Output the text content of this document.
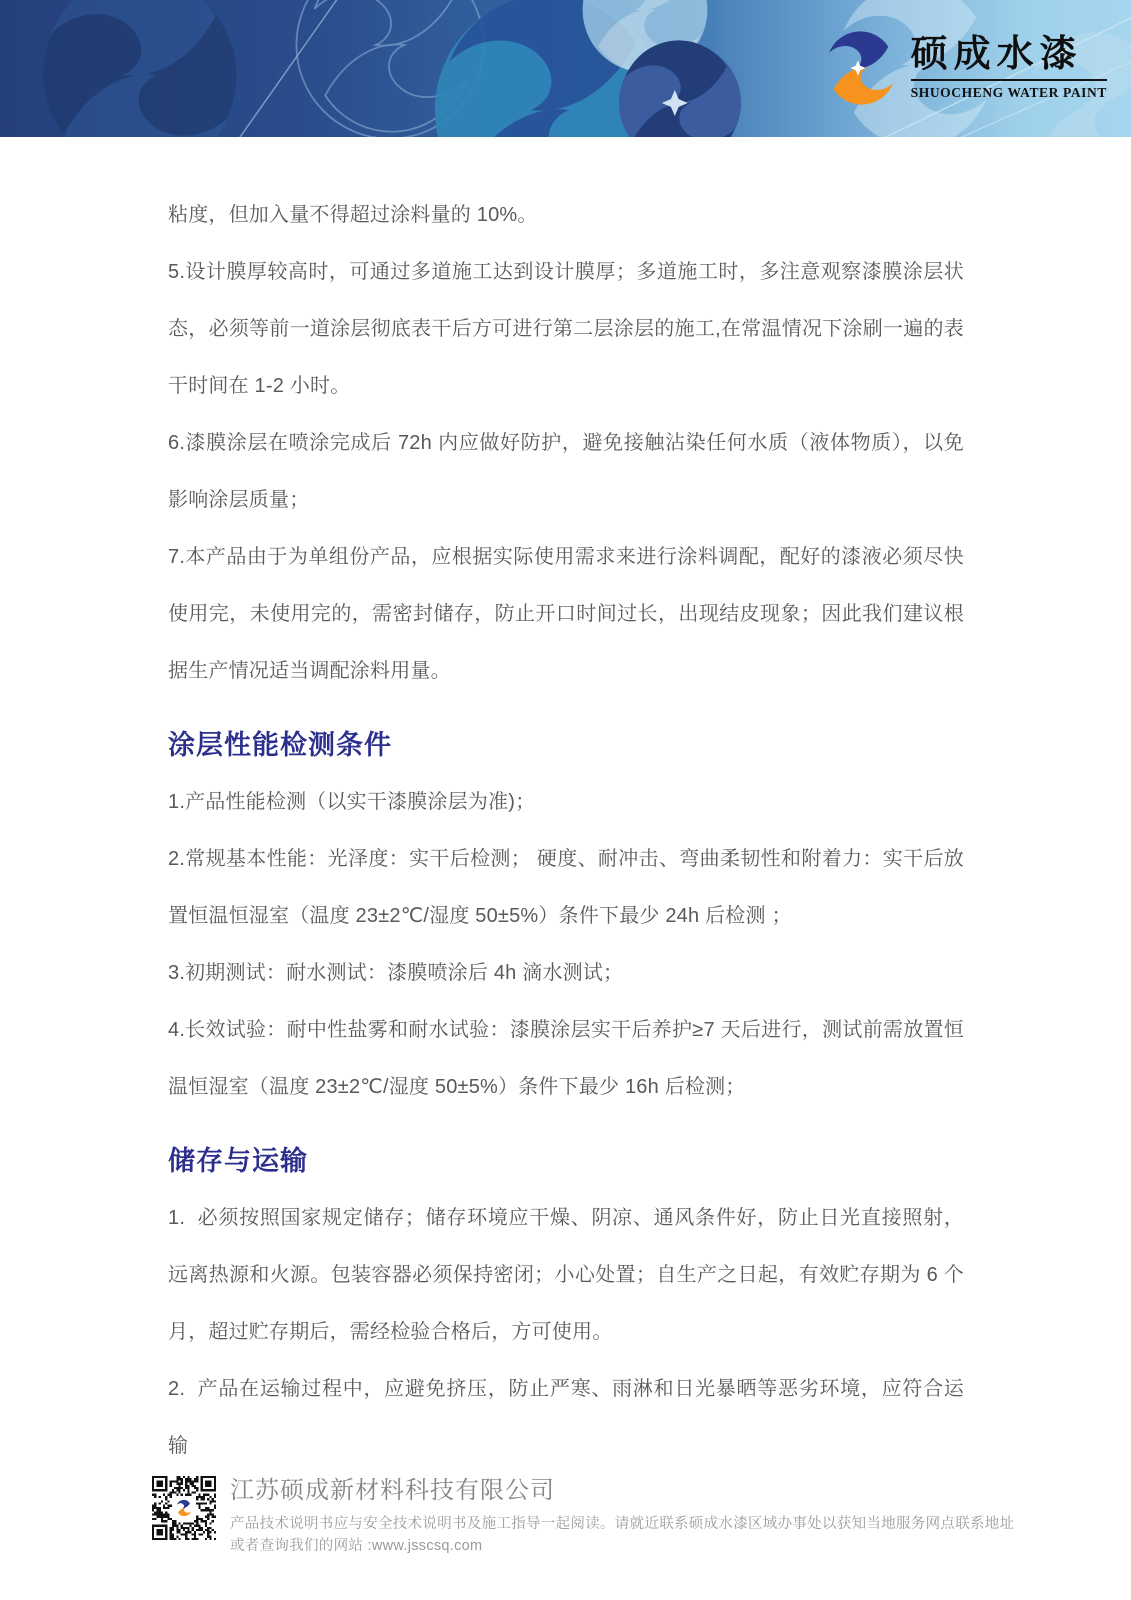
硕成水漆
SHUOCHENG WATER PAINT

粘度，但加入量不得超过涂料量的 10%。

5.设计膜厚较高时，可通过多道施工达到设计膜厚；多道施工时，多注意观察漆膜涂层状态，必须等前一道涂层彻底表干后方可进行第二层涂层的施工,在常温情况下涂刷一遍的表干时间在 1-2 小时。

6.漆膜涂层在喷涂完成后 72h 内应做好防护，避免接触沾染任何水质（液体物质），以免影响涂层质量；

7.本产品由于为单组份产品，应根据实际使用需求来进行涂料调配，配好的漆液必须尽快使用完，未使用完的，需密封储存，防止开口时间过长，出现结皮现象；因此我们建议根据生产情况适当调配涂料用量。

涂层性能检测条件

1.产品性能检测（以实干漆膜涂层为准)；

2.常规基本性能：光泽度：实干后检测； 硬度、耐冲击、弯曲柔韧性和附着力：实干后放置恒温恒湿室（温度 23±2℃/湿度 50±5%）条件下最少 24h 后检测 ；

3.初期测试：耐水测试：漆膜喷涂后 4h 滴水测试；

4.长效试验：耐中性盐雾和耐水试验：漆膜涂层实干后养护≥7 天后进行，测试前需放置恒温恒湿室（温度 23±2℃/湿度 50±5%）条件下最少 16h 后检测；

储存与运输

1.  必须按照国家规定储存；储存环境应干燥、阴凉、通风条件好，防止日光直接照射，远离热源和火源。包装容器必须保持密闭；小心处置；自生产之日起，有效贮存期为 6 个月，超过贮存期后，需经检验合格后，方可使用。

2.  产品在运输过程中，应避免挤压，防止严寒、雨淋和日光暴晒等恶劣环境，应符合运输

江苏硕成新材料科技有限公司

产品技术说明书应与安全技术说明书及施工指导一起阅读。请就近联系硕成水漆区域办事处以获知当地服务网点联系地址

或者查询我们的网站 :www.jsscsq.com
